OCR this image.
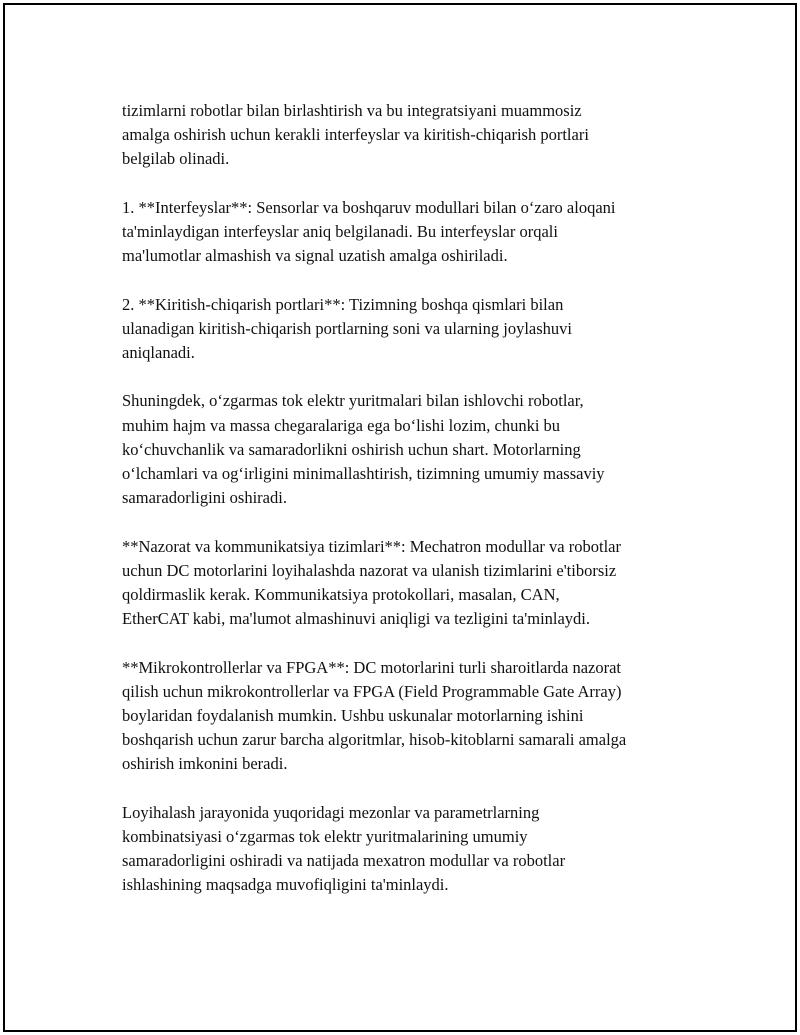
tizimlarni robotlar bilan birlashtirish va bu integratsiyani muammosiz
amalga oshirish uchun kerakli interfeyslar va kiritish-chiqarish portlari
belgilab olinadi.

1. **Interfeyslar**: Sensorlar va boshqaruv modullari bilan o‘zaro aloqani
ta'minlaydigan interfeyslar aniq belgilanadi. Bu interfeyslar orqali
ma'lumotlar almashish va signal uzatish amalga oshiriladi.

2. **Kiritish-chiqarish portlari**: Tizimning boshqa qismlari bilan
ulanadigan kiritish-chiqarish portlarning soni va ularning joylashuvi
aniqlanadi.

Shuningdek, o‘zgarmas tok elektr yuritmalari bilan ishlovchi robotlar,
muhim hajm va massa chegaralariga ega bo‘lishi lozim, chunki bu
ko‘chuvchanlik va samaradorlikni oshirish uchun shart. Motorlarning
o‘lchamlari va og‘irligini minimallashtirish, tizimning umumiy massaviy
samaradorligini oshiradi.

**Nazorat va kommunikatsiya tizimlari**: Mechatron modullar va robotlar
uchun DC motorlarini loyihalashda nazorat va ulanish tizimlarini e'tiborsiz
qoldirmaslik kerak. Kommunikatsiya protokollari, masalan, CAN,
EtherCAT kabi, ma'lumot almashinuvi aniqligi va tezligini ta'minlaydi.

**Mikrokontrollerlar va FPGA**: DC motorlarini turli sharoitlarda nazorat
qilish uchun mikrokontrollerlar va FPGA (Field Programmable Gate Array)
boylaridan foydalanish mumkin. Ushbu uskunalar motorlarning ishini
boshqarish uchun zarur barcha algoritmlar, hisob-kitoblarni samarali amalga
oshirish imkonini beradi.

Loyihalash jarayonida yuqoridagi mezonlar va parametrlarning
kombinatsiyasi o‘zgarmas tok elektr yuritmalarining umumiy
samaradorligini oshiradi va natijada mexatron modullar va robotlar
ishlashining maqsadga muvofiqligini ta'minlaydi.
